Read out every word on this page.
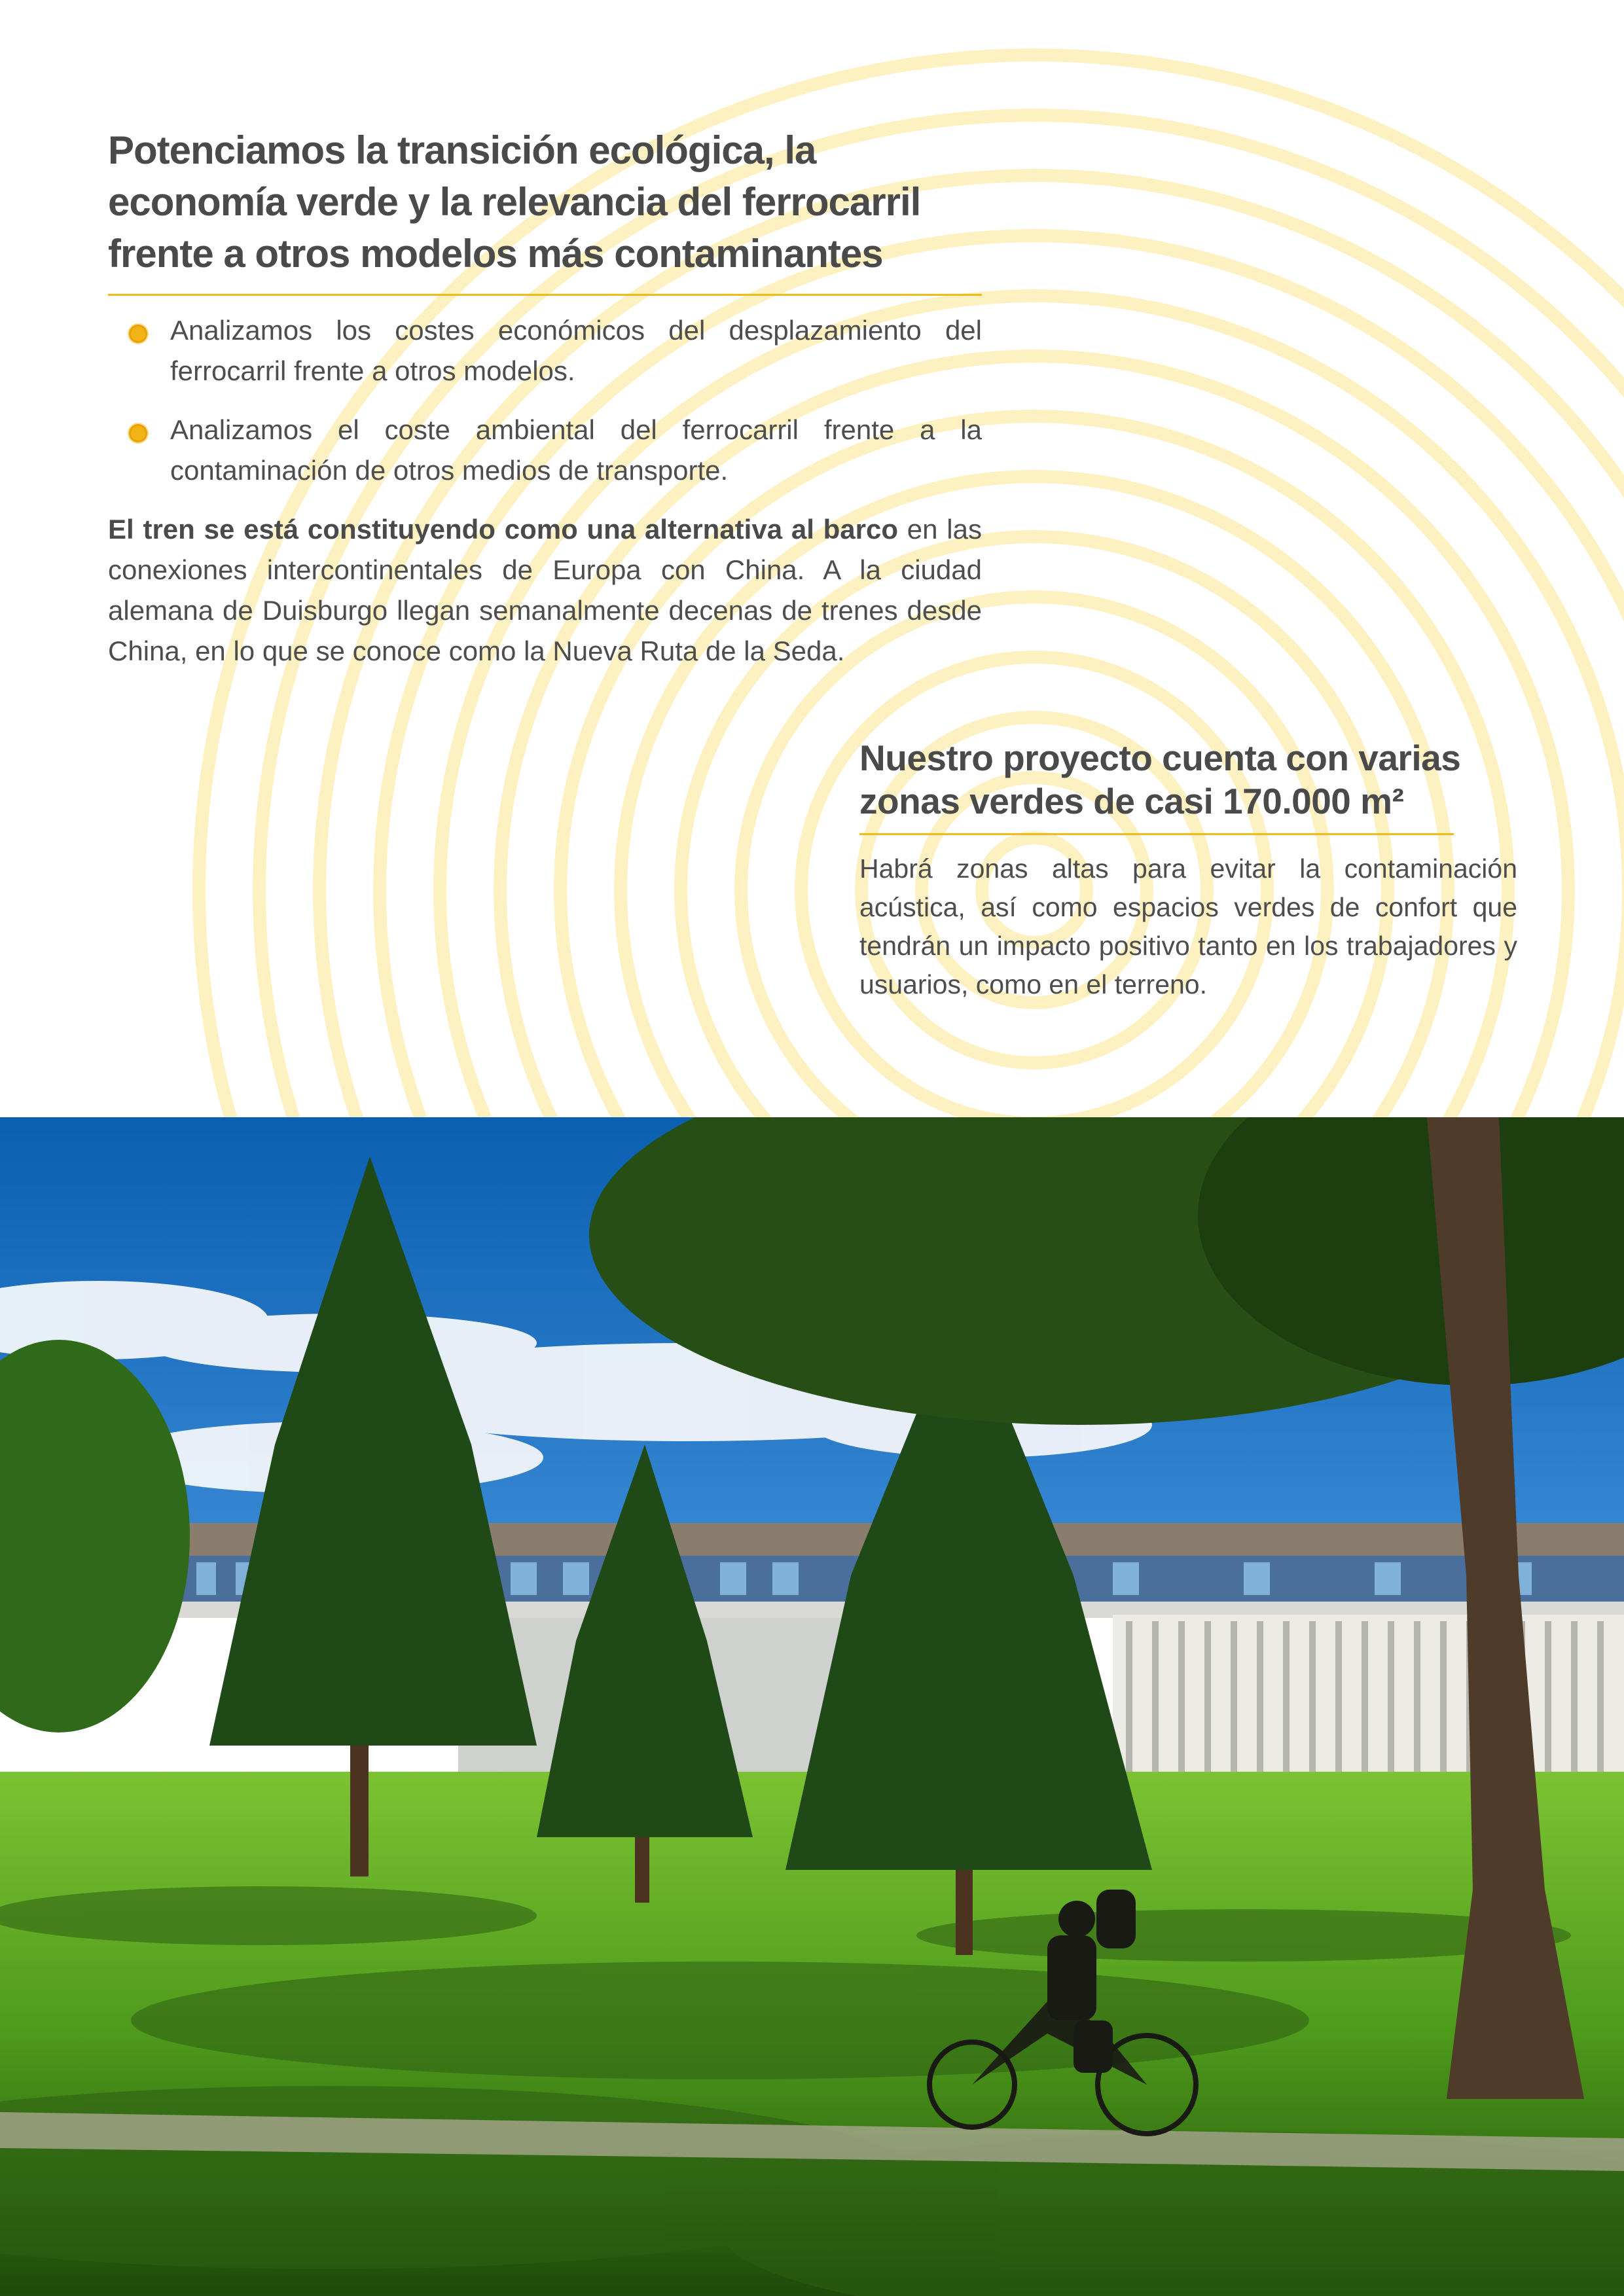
Potenciamos la transición ecológica, la economía verde y la relevancia del ferrocarril frente a otros modelos más contaminantes
Analizamos los costes económicos del desplazamiento del ferrocarril frente a otros modelos.
Analizamos el coste ambiental del ferrocarril frente a la contaminación de otros medios de transporte.

El tren se está constituyendo como una alternativa al barco en las conexiones intercontinentales de Europa con China. A la ciudad alemana de Duisburgo llegan semanalmente decenas de trenes desde China, en lo que se conoce como la Nueva Ruta de la Seda.

Nuestro proyecto cuenta con varias zonas verdes de casi 170.000 m²

Habrá zonas altas para evitar la contaminación acústica, así como espacios verdes de confort que tendrán un impacto positivo tanto en los trabajadores y usuarios, como en el terreno.
